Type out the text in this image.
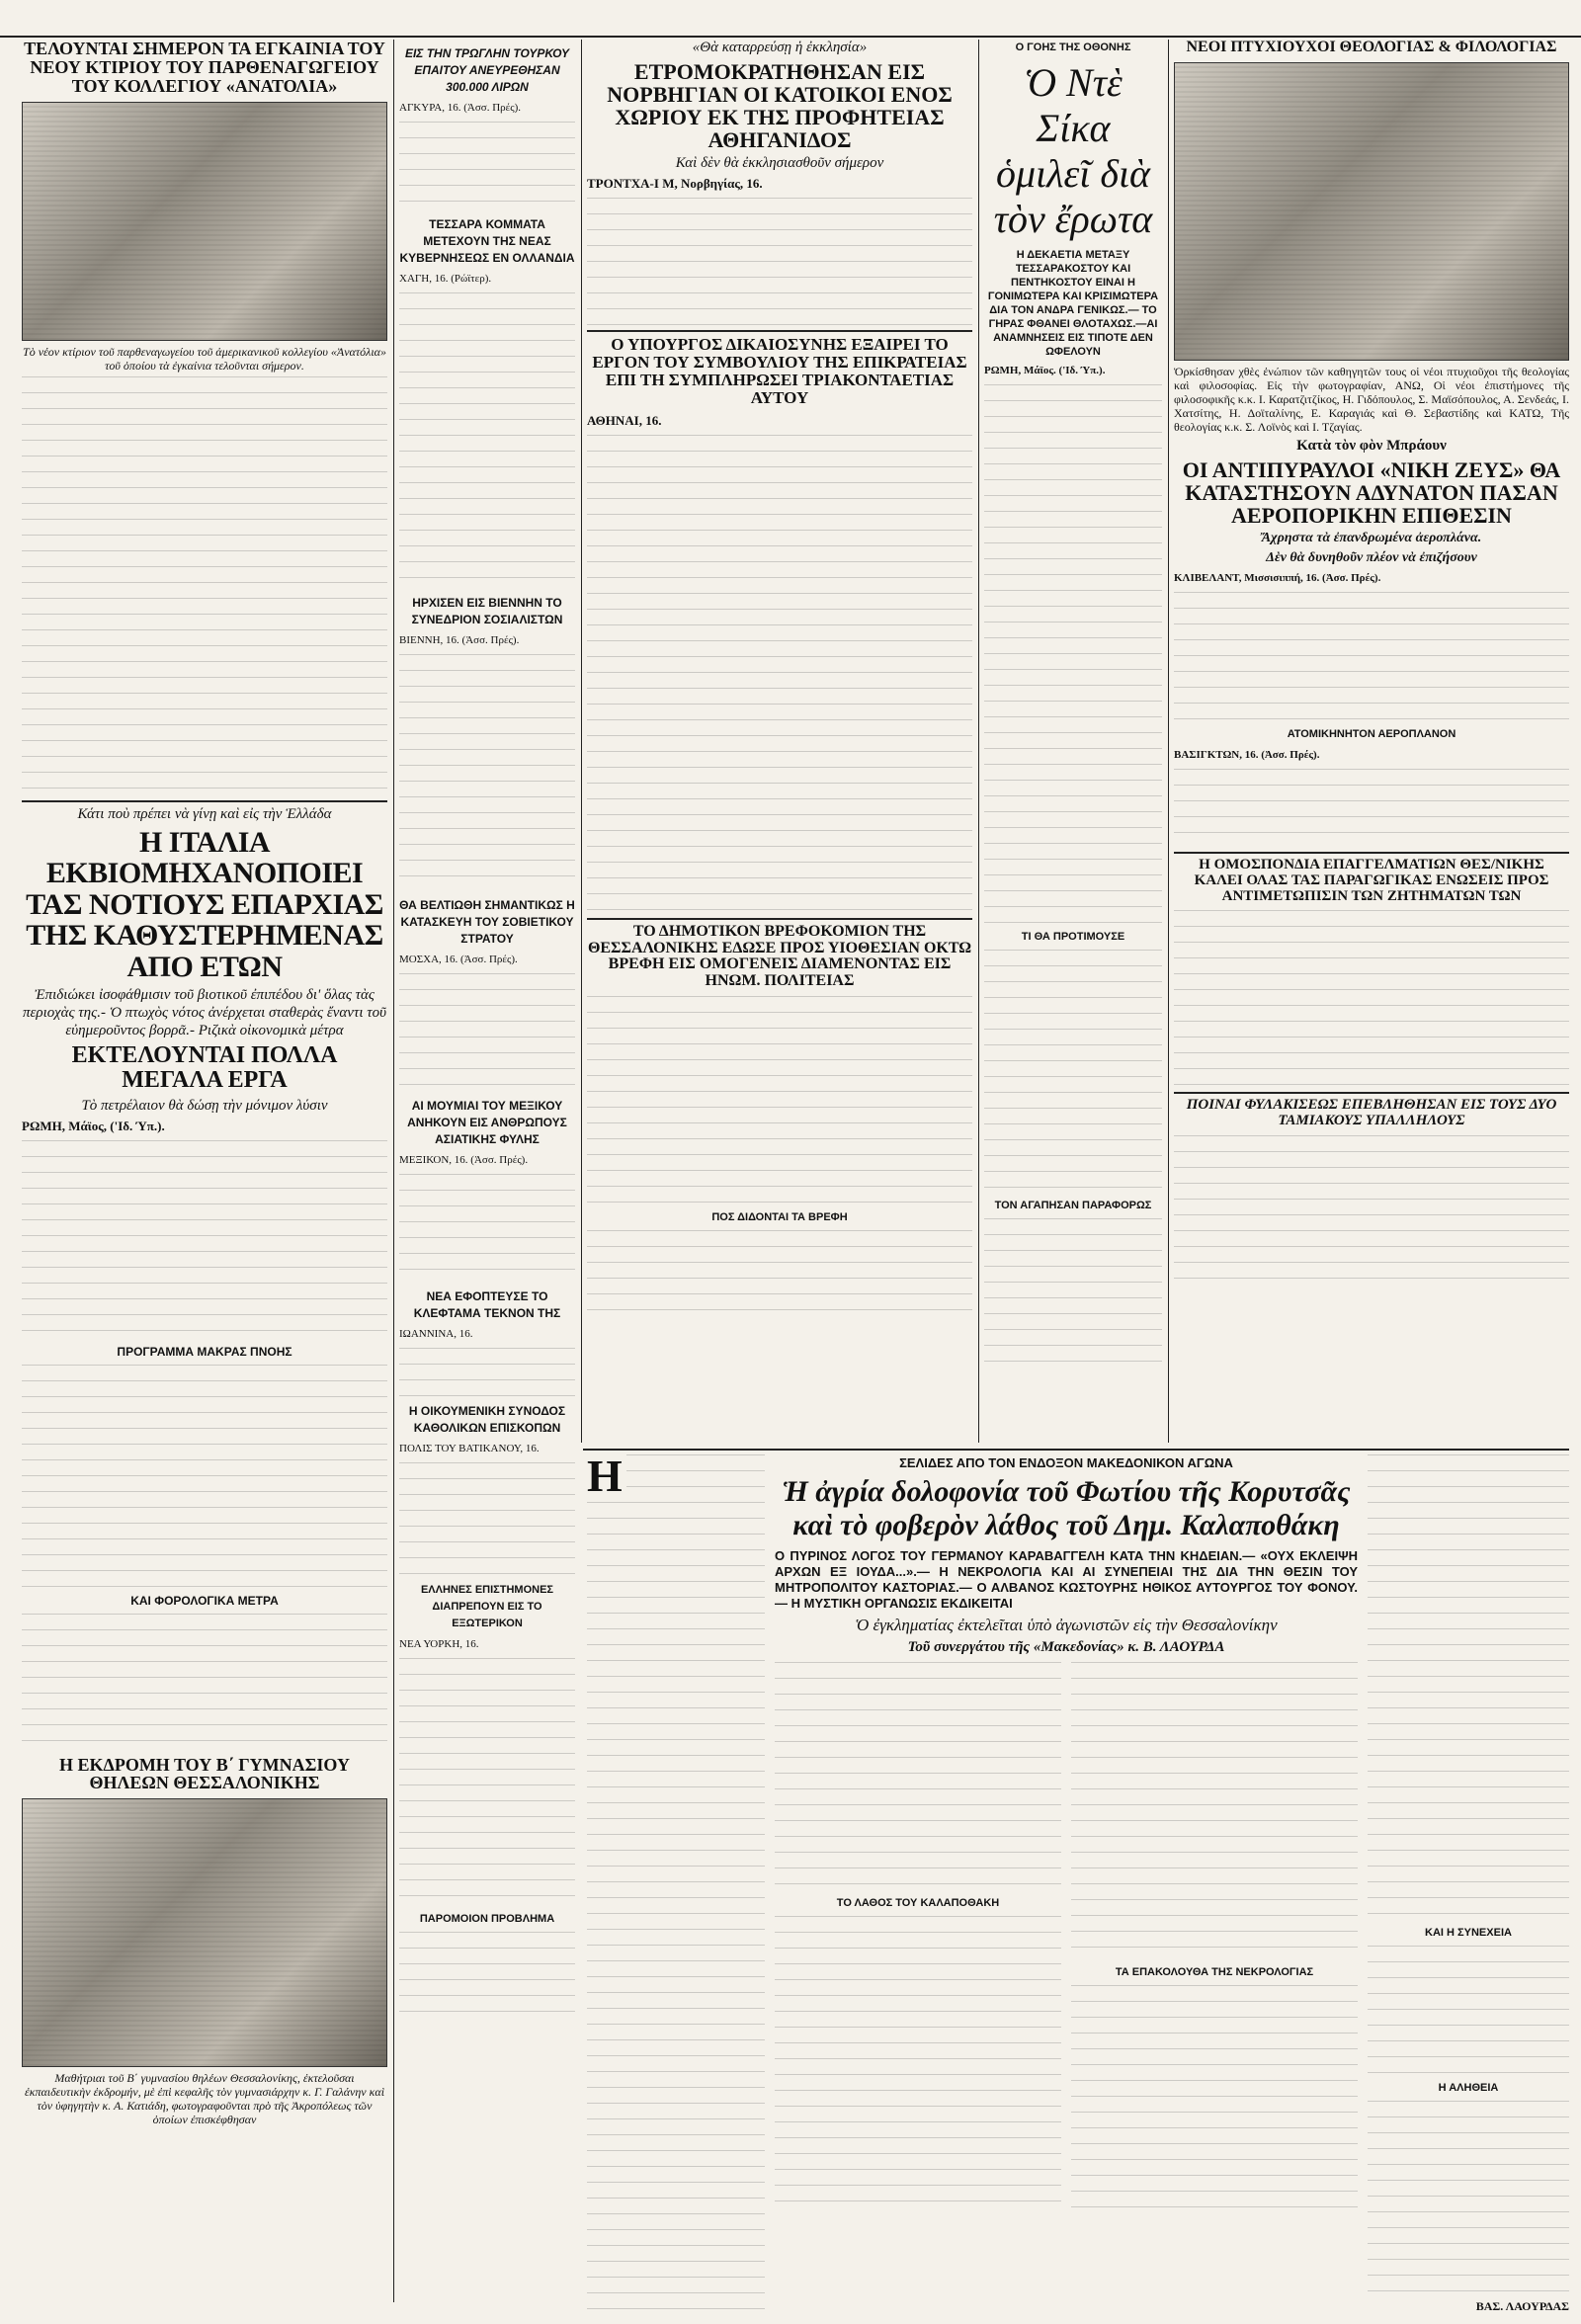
ΤΕΛΟΥΝΤΑΙ ΣΗΜΕΡΟΝ ΤΑ ΕΓΚΑΙΝΙΑ ΤΟΥ ΝΕΟΥ ΚΤΙΡΙΟΥ ΤΟΥ ΠΑΡΘΕΝΑΓΩΓΕΙΟΥ ΤΟΥ ΚΟΛΛΕΓΙΟΥ «ΑΝΑΤΟΛΙΑ»

Τὸ νέον κτίριον τοῦ παρθεναγωγείου τοῦ ἀμερικανικοῦ κολλεγίου «Ἀνατόλια» τοῦ ὁποίου τὰ ἐγκαίνια τελοῦνται σήμερον.

Κάτι ποὺ πρέπει νὰ γίνῃ καὶ εἰς τὴν Ἑλλάδα

Η ΙΤΑΛΙΑ ΕΚΒΙΟΜΗΧΑΝΟΠΟΙΕΙ ΤΑΣ ΝΟΤΙΟΥΣ ΕΠΑΡΧΙΑΣ ΤΗΣ ΚΑΘΥΣΤΕΡΗΜΕΝΑΣ ΑΠΟ ΕΤΩΝ

Ἐπιδιώκει ἰσοφάθμισιν τοῦ βιοτικοῦ ἐπιπέδου δι' ὅλας τὰς περιοχὰς της.- Ὁ πτωχὸς νότος ἀνέρχεται σταθερὰς ἔναντι τοῦ εὐημερoῦντος βορρᾶ.- Ριζικὰ οἰκονομικὰ μέτρα

ΕΚΤΕΛΟΥΝΤΑΙ ΠΟΛΛΑ ΜΕΓΑΛΑ ΕΡΓΑ

Τὸ πετρέλαιον θὰ δώσῃ τὴν μόνιμον λύσιν

ΡΩΜΗ, Μάϊος, ('Ιδ. Ύπ.).

ΠΡΟΓΡΑΜΜΑ ΜΑΚΡΑΣ ΠΝΟΗΣ

ΚΑΙ ΦΟΡΟΛΟΓΙΚΑ ΜΕΤΡΑ

Η ΕΚΔΡΟΜΗ ΤΟΥ Β΄ ΓΥΜΝΑΣΙΟΥ ΘΗΛΕΩΝ ΘΕΣΣΑΛΟΝΙΚΗΣ

Μαθήτριαι τοῦ Β΄ γυμνασίου θηλέων Θεσσαλονίκης, ἐκτελοῦσαι ἐκπαιδευτικὴν ἐκδρομήν, μὲ ἐπὶ κεφαλῆς τὸν γυμνασιάρχην κ. Γ. Γαλάνην καὶ τὸν ὑφηγητὴν κ. Α. Κατιάδη, φωτογραφοῦνται πρὸ τῆς Ἀκροπόλεως τῶν ὁποίων ἐπισκέφθησαν

ΕΙΣ ΤΗΝ ΤΡΩΓΛΗΝ ΤΟΥΡΚΟΥ ΕΠΑΙΤΟΥ ΑΝΕΥΡΕΘΗΣΑΝ 300.000 ΛΙΡΩΝ

ΑΓΚΥΡΑ, 16. (Ἀσσ. Πρές).

ΤΕΣΣΑΡΑ ΚΟΜΜΑΤΑ ΜΕΤΕΧΟΥΝ ΤΗΣ ΝΕΑΣ ΚΥΒΕΡΝΗΣΕΩΣ ΕΝ ΟΛΛΑΝΔΙΑ

ΧΑΓΗ, 16. (Ρώϊτερ).

ΗΡΧΙΣΕΝ ΕΙΣ ΒΙΕΝΝΗΝ ΤΟ ΣΥΝΕΔΡΙΟΝ ΣΟΣΙΑΛΙΣΤΩΝ

ΒΙΕΝΝΗ, 16. (Ἀσσ. Πρές).

ΘΑ ΒΕΛΤΙΩΘΗ ΣΗΜΑΝΤΙΚΩΣ Η ΚΑΤΑΣΚΕΥΗ ΤΟΥ ΣΟΒΙΕΤΙΚΟΥ ΣΤΡΑΤΟΥ

ΜΟΣΧΑ, 16. (Ἀσσ. Πρές).

ΑΙ ΜΟΥΜΙΑΙ ΤΟΥ ΜΕΞΙΚΟΥ ΑΝΗΚΟΥΝ ΕΙΣ ΑΝΘΡΩΠΟΥΣ ΑΣΙΑΤΙΚΗΣ ΦΥΛΗΣ

ΜΕΞΙΚΟΝ, 16. (Ἀσσ. Πρές).

ΝΕΑ ΕΦΟΠΤΕΥΣΕ ΤΟ ΚΛΕΦΤΑΜΑ ΤΕΚΝΟΝ ΤΗΣ

ΙΩΑΝΝΙΝΑ, 16.

Η ΟΙΚΟΥΜΕΝΙΚΗ ΣΥΝΟΔΟΣ ΚΑΘΟΛΙΚΩΝ ΕΠΙΣΚΟΠΩΝ

ΠΟΛΙΣ ΤΟΥ ΒΑΤΙΚΑΝΟΥ, 16.

ΕΛΛΗΝΕΣ ΕΠΙΣΤΗΜΟΝΕΣ ΔΙΑΠΡΕΠΟΥΝ ΕΙΣ ΤΟ ΕΞΩΤΕΡΙΚΟΝ

ΝΕΑ ΥΟΡΚΗ, 16.

ΠΑΡΟΜΟΙΟΝ ΠΡΟΒΛΗΜΑ

«Θὰ καταρρεύσῃ ἡ ἐκκλησία»

ΕΤΡΟΜΟΚΡΑΤΗΘΗΣΑΝ ΕΙΣ ΝΟΡΒΗΓΙΑΝ ΟΙ ΚΑΤΟΙΚΟΙ ΕΝΟΣ ΧΩΡΙΟΥ ΕΚ ΤΗΣ ΠΡΟΦΗΤΕΙΑΣ ΑΘΗΓΑΝΙΔΟΣ

Καὶ δὲν θὰ ἐκκλησιασθοῦν σήμερον

ΤΡΟΝΤΧΑ-Ι Μ, Νορβηγίας, 16.

Ο ΥΠΟΥΡΓΟΣ ΔΙΚΑΙΟΣΥΝΗΣ ΕΞΑΙΡΕΙ ΤΟ ΕΡΓΟΝ ΤΟΥ ΣΥΜΒΟΥΛΙΟΥ ΤΗΣ ΕΠΙΚΡΑΤΕΙΑΣ ΕΠΙ ΤΗ ΣΥΜΠΛΗΡΩΣΕΙ ΤΡΙΑΚΟΝΤΑΕΤΙΑΣ ΑΥΤΟΥ

ΑΘΗΝΑΙ, 16.

ΤΟ ΔΗΜΟΤΙΚΟΝ ΒΡΕΦΟΚΟΜΙΟΝ ΤΗΣ ΘΕΣΣΑΛΟΝΙΚΗΣ ΕΔΩΣΕ ΠΡΟΣ ΥΙΟΘΕΣΙΑΝ ΟΚΤΩ ΒΡΕΦΗ ΕΙΣ ΟΜΟΓΕΝΕΙΣ ΔΙΑΜΕΝΟΝΤΑΣ ΕΙΣ ΗΝΩΜ. ΠΟΛΙΤΕΙΑΣ

ΠΟΣ ΔΙΔΟΝΤΑΙ ΤΑ ΒΡΕΦΗ

Ο ΓΟΗΣ ΤΗΣ ΟΘΟΝΗΣ

Ὁ Ντὲ Σίκα ὁμιλεῖ διὰ τὸν ἔρωτα

Η ΔΕΚΑΕΤΙΑ ΜΕΤΑΞΥ ΤΕΣΣΑΡΑΚΟΣΤΟΥ ΚΑΙ ΠΕΝΤΗΚΟΣΤΟΥ ΕΙΝΑΙ Η ΓΟΝΙΜΩΤΕΡΑ ΚΑΙ ΚΡΙΣΙΜΩΤΕΡΑ ΔΙΑ ΤΟΝ ΑΝΔΡΑ ΓΕΝΙΚΩΣ.— ΤΟ ΓΗΡΑΣ ΦΘΑΝΕΙ ΘΛΟΤΑΧΩΣ.—ΑΙ ΑΝΑΜΝΗΣΕΙΣ ΕΙΣ ΤΙΠΟΤΕ ΔΕΝ ΩΦΕΛΟΥΝ

ΡΩΜΗ, Μάϊος. ('Ιδ. Ύπ.).

ΤΙ ΘΑ ΠΡΟΤΙΜΟΥΣΕ

ΤΟΝ ΑΓΑΠΗΣΑΝ ΠΑΡΑΦΟΡΩΣ

ΝΕΟΙ ΠΤΥΧΙΟΥΧΟΙ ΘΕΟΛΟΓΙΑΣ & ΦΙΛΟΛΟΓΙΑΣ

Ὁρκίσθησαν χθὲς ἐνώπιον τῶν καθηγητῶν τους οἱ νέοι πτυχιοῦχοι τῆς θεολογίας καὶ φιλοσοφίας. Εἰς τὴν φωτογραφίαν, ΑΝΩ, Οἱ νέοι ἐπιστήμονες τῆς φιλοσοφικῆς κ.κ. Ι. Καρατζιτζίκος, Η. Γιδόπουλος, Σ. Μαϊσόπουλος, Α. Σενδεάς, Ι. Χατσίτης, Η. Δοϊταλίνης, Ε. Καραγιάς καὶ Θ. Σεβαστίδης καὶ ΚΑΤΩ, Τῆς θεολογίας κ.κ. Σ. Λοϊνὸς καὶ Ι. Τζαγίας.

Κατὰ τὸν φὸν Μπράουν

ΟΙ ΑΝΤΙΠΥΡΑΥΛΟΙ «ΝΙΚΗ ΖΕΥΣ» ΘΑ ΚΑΤΑΣΤΗΣΟΥΝ ΑΔΥΝΑΤΟΝ ΠΑΣΑΝ ΑΕΡΟΠΟΡΙΚΗΝ ΕΠΙΘΕΣΙΝ

Ἄχρηστα τὰ ἐπανδρωμένα ἀεροπλάνα.

Δὲν θὰ δυνηθοῦν πλέον νὰ ἐπιζήσουν

ΚΛΙΒΕΛΑΝΤ, Μισσισιππή, 16. (Ἀσσ. Πρές).

ΑΤΟΜΙΚΗΝΗΤΟΝ ΑΕΡΟΠΛΑΝΟΝ

ΒΑΣΙΓΚΤΩΝ, 16. (Ἀσσ. Πρές).

Η ΟΜΟΣΠΟΝΔΙΑ ΕΠΑΓΓΕΛΜΑΤΙΩΝ ΘΕΣ/ΝΙΚΗΣ ΚΑΛΕΙ ΟΛΑΣ ΤΑΣ ΠΑΡΑΓΩΓΙΚΑΣ ΕΝΩΣΕΙΣ ΠΡΟΣ ΑΝΤΙΜΕΤΩΠΙΣΙΝ ΤΩΝ ΖΗΤΗΜΑΤΩΝ ΤΩΝ
ΠΟΙΝΑΙ ΦΥΛΑΚΙΣΕΩΣ ΕΠΕΒΛΗΘΗΣΑΝ ΕΙΣ ΤΟΥΣ ΔΥΟ ΤΑΜΙΑΚΟΥΣ ΥΠΑΛΛΗΛΟΥΣ
Η	ΣΕΛΙΔΕΣ ΑΠΟ ΤΟΝ ΕΝΔΟΞΟΝ ΜΑΚΕΔΟΝΙΚΟΝ ΑΓΩΝΑ

Ἡ ἀγρία δολοφονία τοῦ Φωτίου τῆς Κορυτσᾶς καὶ τὸ φοβερὸν λάθος τοῦ Δημ. Καλαποθάκη

Ο ΠΥΡΙΝΟΣ ΛΟΓΟΣ ΤΟΥ ΓΕΡΜΑΝΟΥ ΚΑΡΑΒΑΓΓΕΛΗ ΚΑΤΑ ΤΗΝ ΚΗΔΕΙΑΝ.— «ΟΥΧ ΕΚΛΕΙΨΗ ΑΡΧΩΝ ΕΞ ΙΟΥΔΑ...».— Η ΝΕΚΡΟΛΟΓΙΑ ΚΑΙ ΑΙ ΣΥΝΕΠΕΙΑΙ ΤΗΣ ΔΙΑ ΤΗΝ ΘΕΣΙΝ ΤΟΥ ΜΗΤΡΟΠΟΛΙΤΟΥ ΚΑΣΤΟΡΙΑΣ.— Ο ΑΛΒΑΝΟΣ ΚΩΣΤΟΥΡΗΣ ΗΘΙΚΟΣ ΑΥΤΟΥΡΓΟΣ ΤΟΥ ΦΟΝΟΥ.— Η ΜΥΣΤΙΚΗ ΟΡΓΑΝΩΣΙΣ ΕΚΔΙΚΕΙΤΑΙ

Ὁ ἐγκληματίας ἐκτελεῖται ὑπὸ ἀγωνιστῶν εἰς τὴν Θεσσαλονίκην

Τοῦ συνεργάτου τῆς «Μακεδονίας» κ. Β. ΛΑΟΥΡΔΑ

ΤΟ ΛΑΘΟΣ ΤΟΥ ΚΑΛΑΠΟΘΑΚΗ

ΤΑ ΕΠΑΚΟΛΟΥΘΑ ΤΗΣ ΝΕΚΡΟΛΟΓΙΑΣ

ΚΑΙ Η ΣΥΝΕΧΕΙΑ

Η ΑΛΗΘΕΙΑ

ΒΑΣ. ΛΑΟΥΡΔΑΣ
